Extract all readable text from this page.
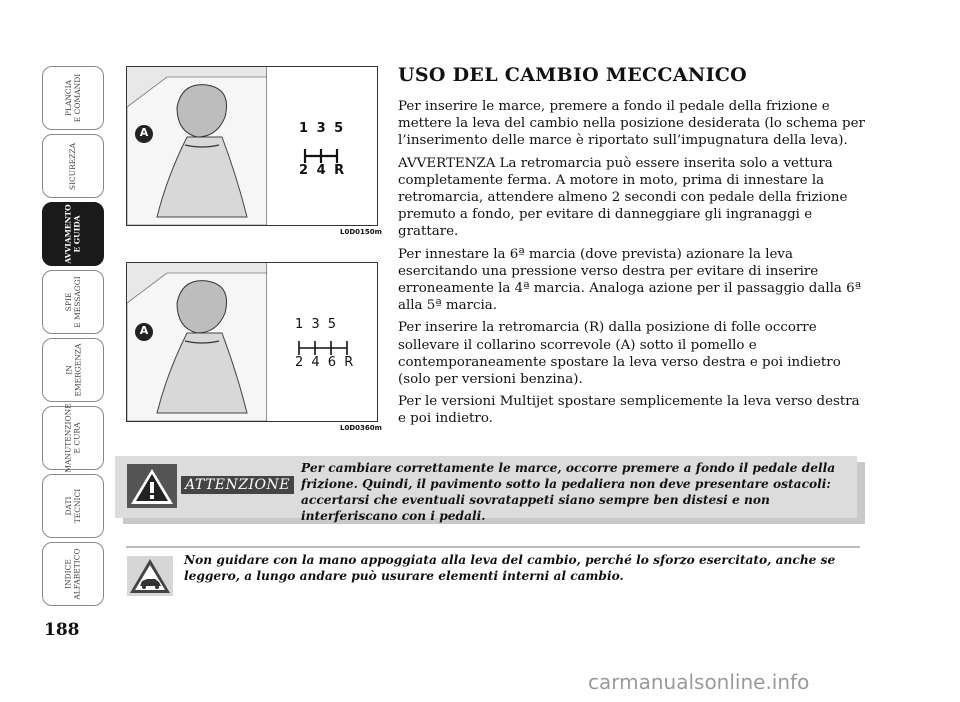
PLANCIA
E COMANDI
SICUREZZA
AVVIAMENTO
E GUIDA
SPIE
E MESSAGGI
IN
EMERGENZA
MANUTENZIONE
E CURA
DATI
TECNICI
INDICE
ALFABETICO
188
A	1 3 5
2 4 R
L0D0150m
A	1 3 5
2 4 6 R
L0D0360m
USO DEL CAMBIO MECCANICO

Per inserire le marce, premere a fondo il pedale della frizione e mettere la leva del cambio nella posizione desiderata (lo schema per l’inserimento delle marce è riportato sull’impugnatura della leva).

AVVERTENZA La retromarcia può essere inserita solo a vettura completamente ferma. A motore in moto, prima di innestare la retromarcia, attendere almeno 2 secondi con pedale della frizione premuto a fondo, per evitare di danneggiare gli ingranaggi e grattare.

Per innestare la 6ª marcia (dove prevista) azionare la leva esercitando una pressione verso destra per evitare di inserire erroneamente la 4ª marcia. Analoga azione per il passaggio dalla 6ª alla 5ª marcia.

Per inserire la retromarcia (R) dalla posizione di folle occorre sollevare il collarino scorrevole (A) sotto il pomello e contemporaneamente spostare la leva verso destra e poi indietro (solo per versioni benzina).

Per le versioni Multijet spostare semplicemente la leva verso destra e poi indietro.

ATTENZIONE
Per cambiare correttamente le marce, occorre premere a fondo il pedale della frizione. Quindi, il pavimento sotto la pedaliera non deve presentare ostacoli: accertarsi che eventuali sovratappeti siano sempre ben distesi e non interferiscano con i pedali.
Non guidare con la mano appoggiata alla leva del cambio, perché lo sforzo esercitato, anche se leggero, a lungo andare può usurare elementi interni al cambio.
carmanualsonline.info
